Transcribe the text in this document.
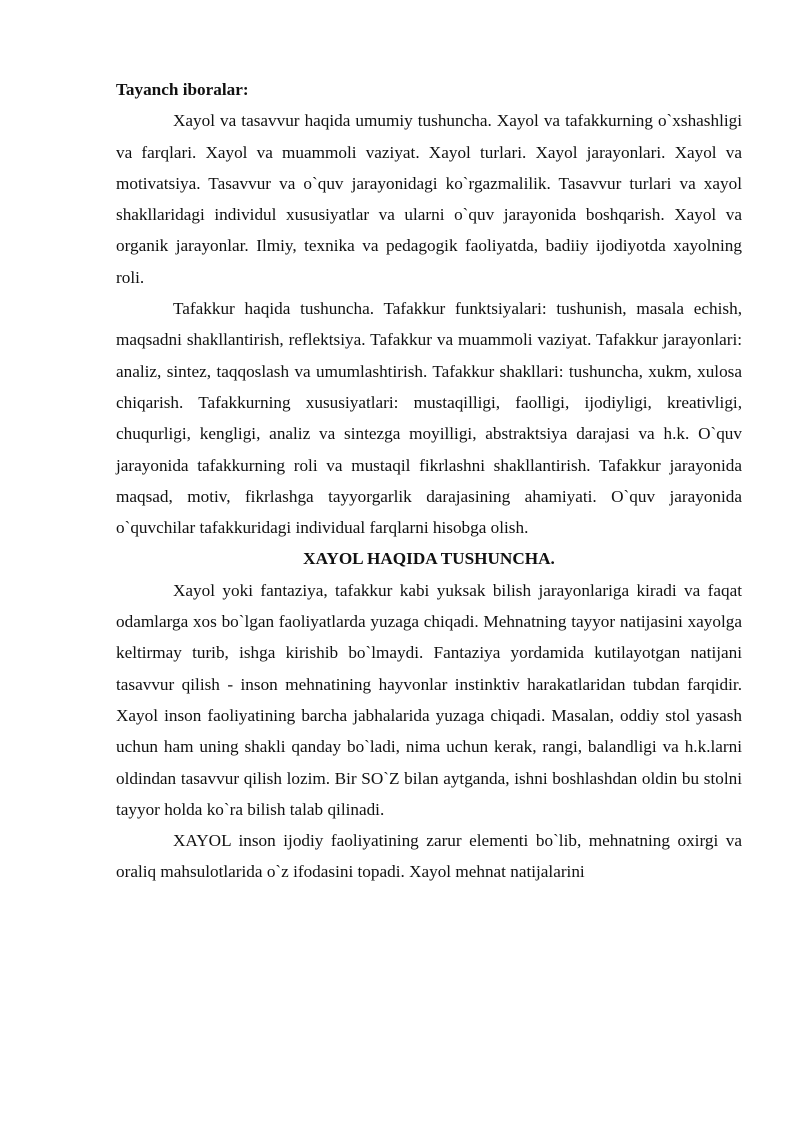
Tayanch iboralar:

Xayol va tasavvur haqida umumiy tushuncha. Xayol va tafakkurning o`xshashligi va farqlari. Xayol va muammoli vaziyat. Xayol turlari. Xayol jarayonlari. Xayol va motivatsiya. Tasavvur va o`quv jarayonidagi ko`rgazmalilik. Tasavvur turlari va xayol shakllaridagi individul xususiyatlar va ularni o`quv jarayonida boshqarish. Xayol va organik jarayonlar. Ilmiy, texnika va pedagogik faoliyatda, badiiy ijodiyotda xayolning roli.

Tafakkur haqida tushuncha. Tafakkur funktsiyalari: tushunish, masala echish, maqsadni shakllantirish, reflektsiya. Tafakkur va muammoli vaziyat. Tafakkur jarayonlari: analiz, sintez, taqqoslash va umumlashtirish. Tafakkur shakllari: tushuncha, xukm, xulosa chiqarish. Tafakkurning xususiyatlari: mustaqilligi, faolligi, ijodiyligi, kreativligi, chuqurligi, kengligi, analiz va sintezga moyilligi, abstraktsiya darajasi va h.k. O`quv jarayonida tafakkurning roli va mustaqil fikrlashni shakllantirish. Tafakkur jarayonida maqsad, motiv, fikrlashga tayyorgarlik darajasining ahamiyati. O`quv jarayonida o`quvchilar tafakkuridagi individual farqlarni hisobga olish.

XAYOL HAQIDA TUSHUNCHA.

Xayol yoki fantaziya, tafakkur kabi yuksak bilish jarayonlariga kiradi va faqat odamlarga xos bo`lgan faoliyatlarda yuzaga chiqadi. Mehnatning tayyor natijasini xayolga keltirmay turib, ishga kirishib bo`lmaydi. Fantaziya yordamida kutilayotgan natijani tasavvur qilish - inson mehnatining hayvonlar instinktiv harakatlaridan tubdan farqidir. Xayol inson faoliyatining barcha jabhalarida yuzaga chiqadi. Masalan, oddiy stol yasash uchun ham uning shakli qanday bo`ladi, nima uchun kerak, rangi, balandligi va h.k.larni oldindan tasavvur qilish lozim. Bir SO`Z bilan aytganda, ishni boshlashdan oldin bu stolni tayyor holda ko`ra bilish talab qilinadi.

XAYOL inson ijodiy faoliyatining zarur elementi bo`lib, mehnatning oxirgi va oraliq mahsulotlarida o`z ifodasini topadi. Xayol mehnat natijalarini
